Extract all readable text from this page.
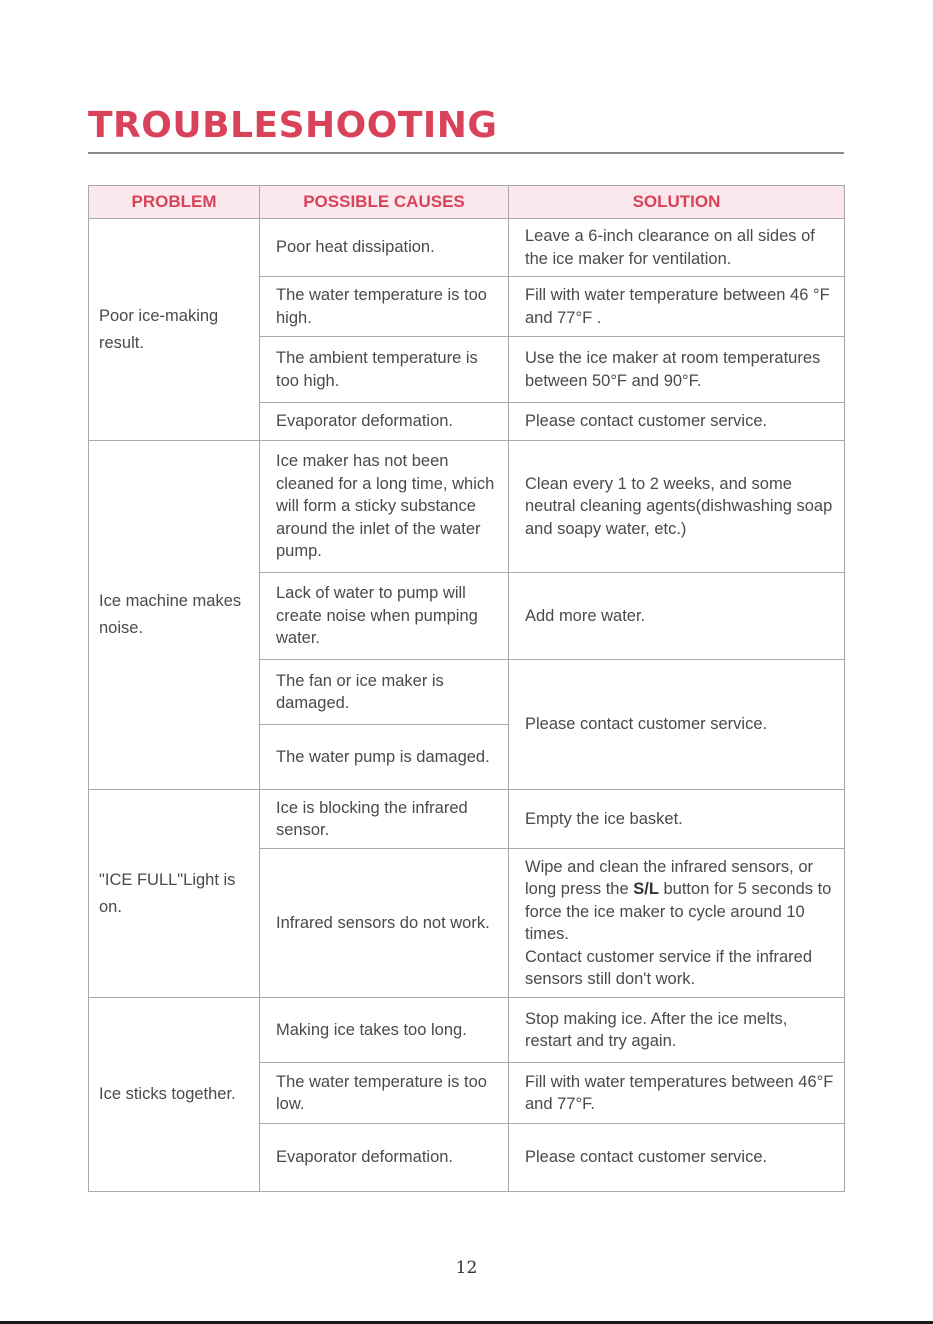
TROUBLESHOOTING
PROBLEM	POSSIBLE CAUSES	SOLUTION
Poor ice-making result.	Poor heat dissipation.	Leave a 6-inch clearance on all sides of the ice maker for ventilation.
	The water temperature is too high.	Fill with water temperature between 46 °F and 77°F .
	The ambient temperature is too high.	Use the ice maker at room temperatures between 50°F and 90°F.
	Evaporator deformation.	Please contact customer service.
Ice machine makes noise.	Ice maker has not been cleaned for a long time, which will form a sticky substance around the inlet of the water pump.	Clean every 1 to 2 weeks, and some neutral cleaning agents(dishwashing soap and soapy water, etc.)
	Lack of water to pump will create noise when pumping water.	Add more water.
	The fan or ice maker is damaged.	Please contact customer service.
	The water pump is damaged.	
"ICE FULL"Light is on.	Ice is blocking the infrared sensor.	Empty the ice basket.
	Infrared sensors do not work.	Wipe and clean the infrared sensors, or long press the S/L button for 5 seconds to force the ice maker to cycle around 10 times.
Contact customer service if the infrared sensors still don't work.

Ice sticks together.	Making ice takes too long.	Stop making ice. After the ice melts, restart and try again.
	The water temperature is too low.	Fill with water temperatures between 46°F and 77°F.
	Evaporator deformation.	Please contact customer service.
12
